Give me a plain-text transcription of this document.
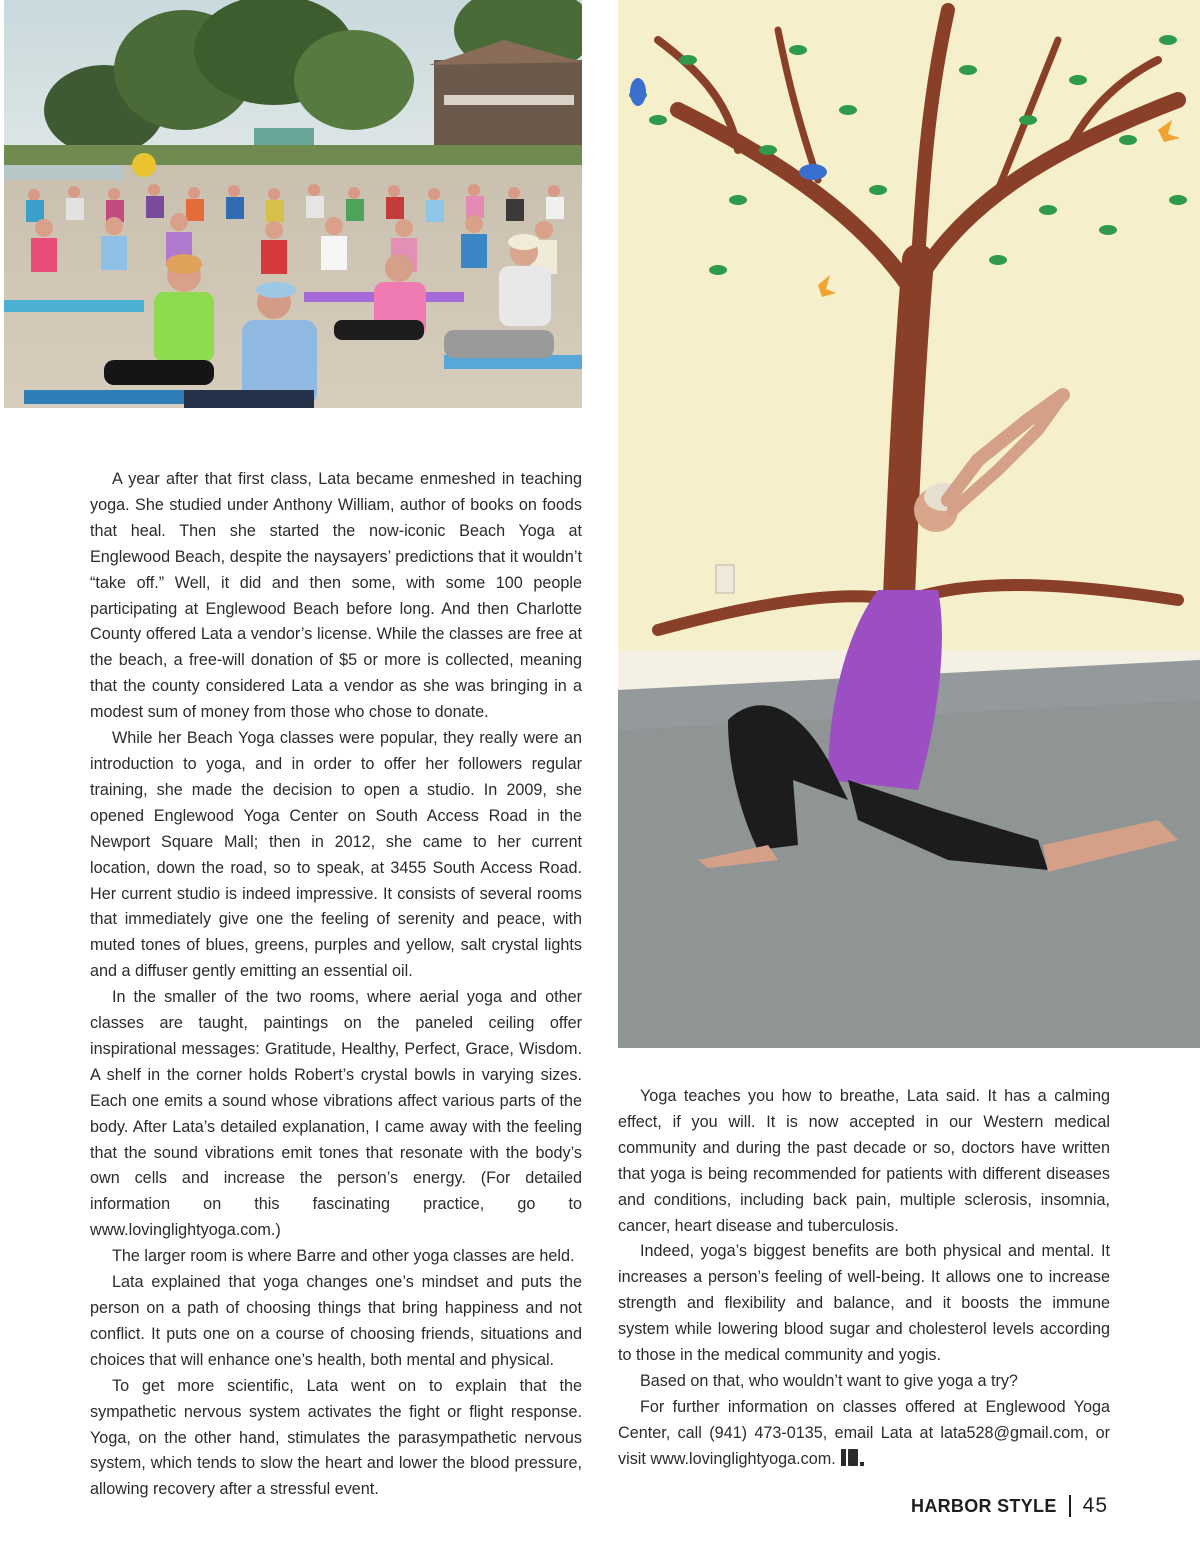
A year after that first class, Lata became enmeshed in teaching yoga. She studied under Anthony William, author of books on foods that heal. Then she started the now-iconic Beach Yoga at Englewood Beach, despite the naysayers’ predictions that it wouldn’t “take off.” Well, it did and then some, with some 100 people participating at Englewood Beach before long. And then Charlotte County offered Lata a vendor’s license. While the classes are free at the beach, a free-will donation of $5 or more is collected, meaning that the county considered Lata a vendor as she was bringing in a modest sum of money from those who chose to donate.

While her Beach Yoga classes were popular, they really were an introduction to yoga, and in order to offer her followers regular training, she made the decision to open a studio. In 2009, she opened Englewood Yoga Center on South Access Road in the Newport Square Mall; then in 2012, she came to her current location, down the road, so to speak, at 3455 South Access Road. Her current studio is indeed impressive. It consists of several rooms that immediately give one the feeling of serenity and peace, with muted tones of blues, greens, purples and yellow, salt crystal lights and a diffuser gently emitting an essential oil.

In the smaller of the two rooms, where aerial yoga and other classes are taught, paintings on the paneled ceiling offer inspirational messages: Gratitude, Healthy, Perfect, Grace, Wisdom. A shelf in the corner holds Robert’s crystal bowls in varying sizes. Each one emits a sound whose vibrations affect various parts of the body. After Lata’s detailed explanation, I came away with the feeling that the sound vibrations emit tones that resonate with the body’s own cells and increase the person’s energy. (For detailed information on this fascinating practice, go to www.lovinglightyoga.com.)

The larger room is where Barre and other yoga classes are held.

Lata explained that yoga changes one’s mindset and puts the person on a path of choosing things that bring happiness and not conflict. It puts one on a course of choosing friends, situations and choices that will enhance one’s health, both mental and physical.

To get more scientific, Lata went on to explain that the sympathetic nervous system activates the fight or flight response. Yoga, on the other hand, stimulates the parasympathetic nervous system, which tends to slow the heart and lower the blood pressure, allowing recovery after a stressful event.

Yoga teaches you how to breathe, Lata said. It has a calming effect, if you will. It is now accepted in our Western medical community and during the past decade or so, doctors have written that yoga is being recommended for patients with different diseases and conditions, including back pain, multiple sclerosis, insomnia, cancer, heart disease and tuberculosis.

Indeed, yoga’s biggest benefits are both physical and mental. It increases a person’s feeling of well-being. It allows one to increase strength and flexibility and balance, and it boosts the immune system while lowering blood sugar and cholesterol levels according to those in the medical community and yogis.

Based on that, who wouldn’t want to give yoga a try?

For further information on classes offered at Englewood Yoga Center, call (941) 473-0135, email Lata at lata528@gmail.com, or visit www.lovinglightyoga.com.

HARBOR STYLE 45
